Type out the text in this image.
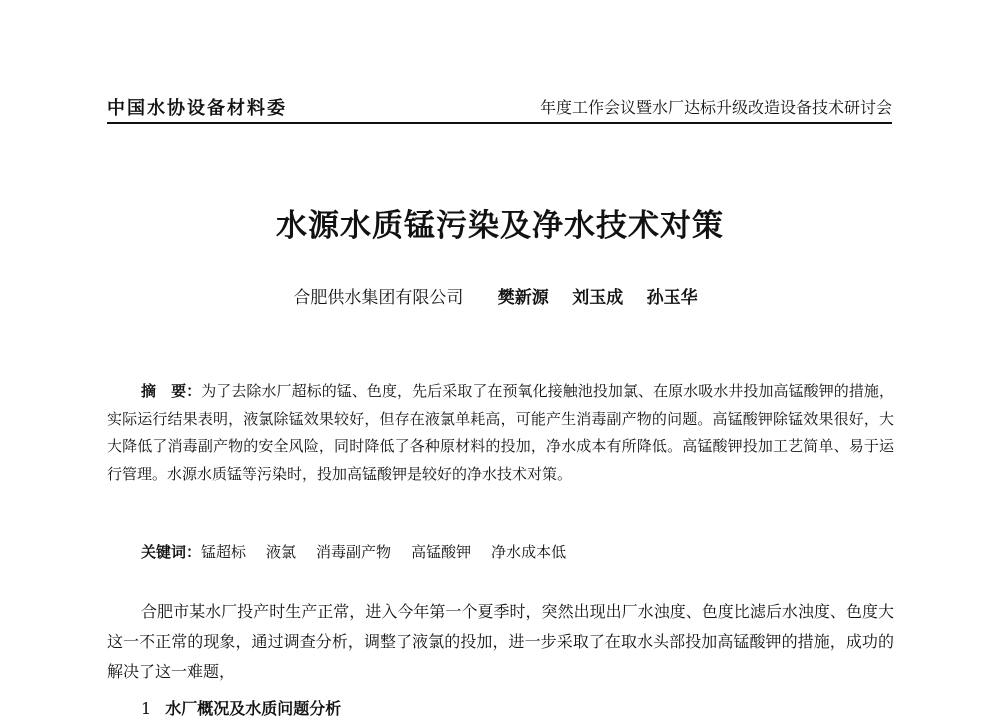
中国水协设备材料委	年度工作会议暨水厂达标升级改造设备技术研讨会
水源水质锰污染及净水技术对策
合肥供水集团有限公司 樊新源 刘玉成 孙玉华
摘　要：为了去除水厂超标的锰、色度，先后采取了在预氧化接触池投加氯、在原水吸水井投加高锰酸钾的措施，实际运行结果表明，液氯除锰效果较好，但存在液氯单耗高，可能产生消毒副产物的问题。高锰酸钾除锰效果很好，大大降低了消毒副产物的安全风险，同时降低了各种原材料的投加，净水成本有所降低。高锰酸钾投加工艺简单、易于运行管理。水源水质锰等污染时，投加高锰酸钾是较好的净水技术对策。
关键词：锰超标 液氯 消毒副产物 高锰酸钾 净水成本低
合肥市某水厂投产时生产正常，进入今年第一个夏季时，突然出现出厂水浊度、色度比滤后水浊度、色度大这一不正常的现象，通过调查分析，调整了液氯的投加，进一步采取了在取水头部投加高锰酸钾的措施，成功的解决了这一难题，
1 水厂概况及水质问题分析
